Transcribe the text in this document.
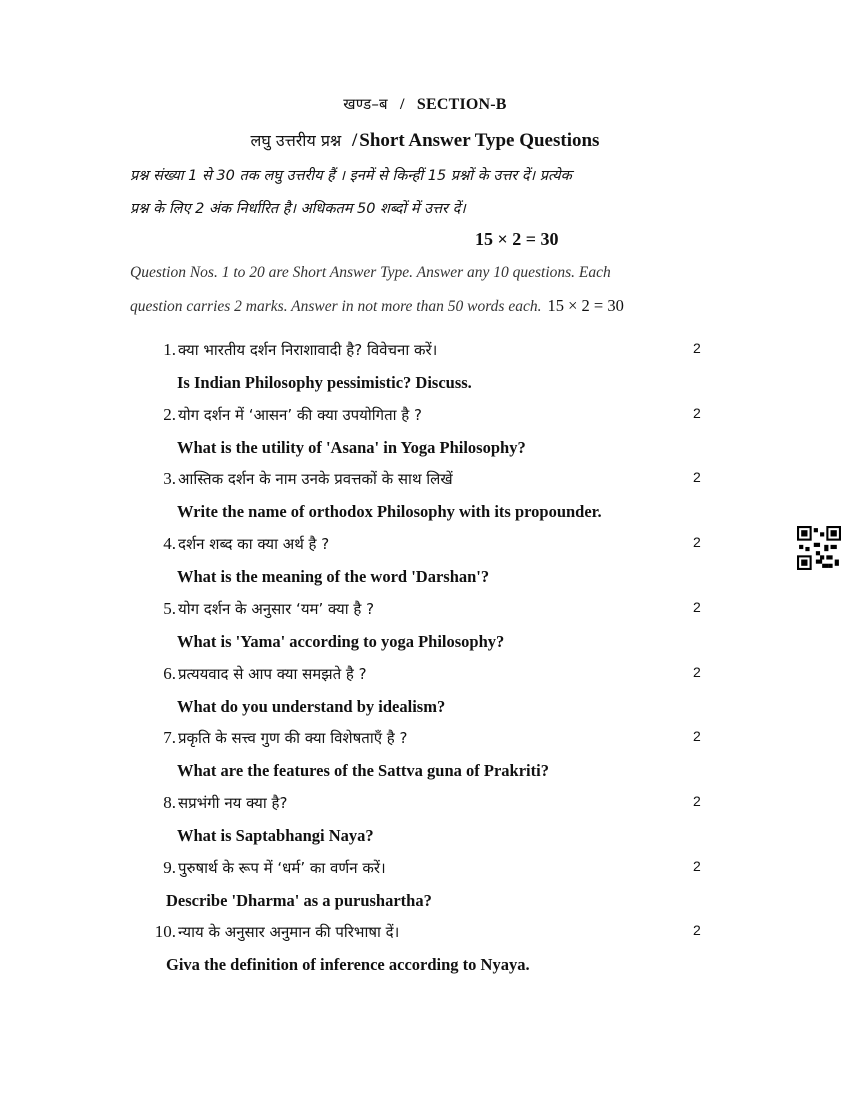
खण्ड–ब / SECTION-B
लघु उत्तरीय प्रश्न / Short Answer Type Questions
प्रश्न संख्या 1 से 30 तक लघु उत्तरीय हैं । इनमें से किन्हीं 15 प्रश्नों के उत्तर दें। प्रत्येक
प्रश्न के लिए 2 अंक निर्धारित है। अधिकतम 50 शब्दों में उत्तर दें।
15 × 2 = 30
Question Nos. 1 to 20 are Short Answer Type. Answer any 10 questions. Each
question carries 2 marks. Answer in not more than 50 words each. 15 × 2 = 30
1. क्या भारतीय दर्शन निराशावादी है? विवेचना करें।	2
Is Indian Philosophy pessimistic? Discuss.
2. योग दर्शन में ‘आसन’ की क्या उपयोगिता है ?	2
What is the utility of 'Asana' in Yoga Philosophy?
3. आस्तिक दर्शन के नाम उनके प्रवत्तकों के साथ लिखें	2
Write the name of orthodox Philosophy with its propounder.
4. दर्शन शब्द का क्या अर्थ है ?	2
What is the meaning of the word 'Darshan'?
5. योग दर्शन के अनुसार ‘यम’ क्या है ?	2
What is 'Yama' according to yoga Philosophy?
6. प्रत्ययवाद से आप क्या समझते है ?	2
What do you understand by idealism?
7. प्रकृति के सत्त्व गुण की क्या विशेषताएँ है ?	2
What are the features of the Sattva guna of Prakriti?
8. सप्रभंगी नय क्या है?	2
What is Saptabhangi Naya?
9. पुरुषार्थ के रूप में ‘धर्म’ का वर्णन करें।	2
Describe 'Dharma' as a purushartha?
10. न्याय के अनुसार अनुमान की परिभाषा दें।	2
Giva the definition of inference according to Nyaya.
